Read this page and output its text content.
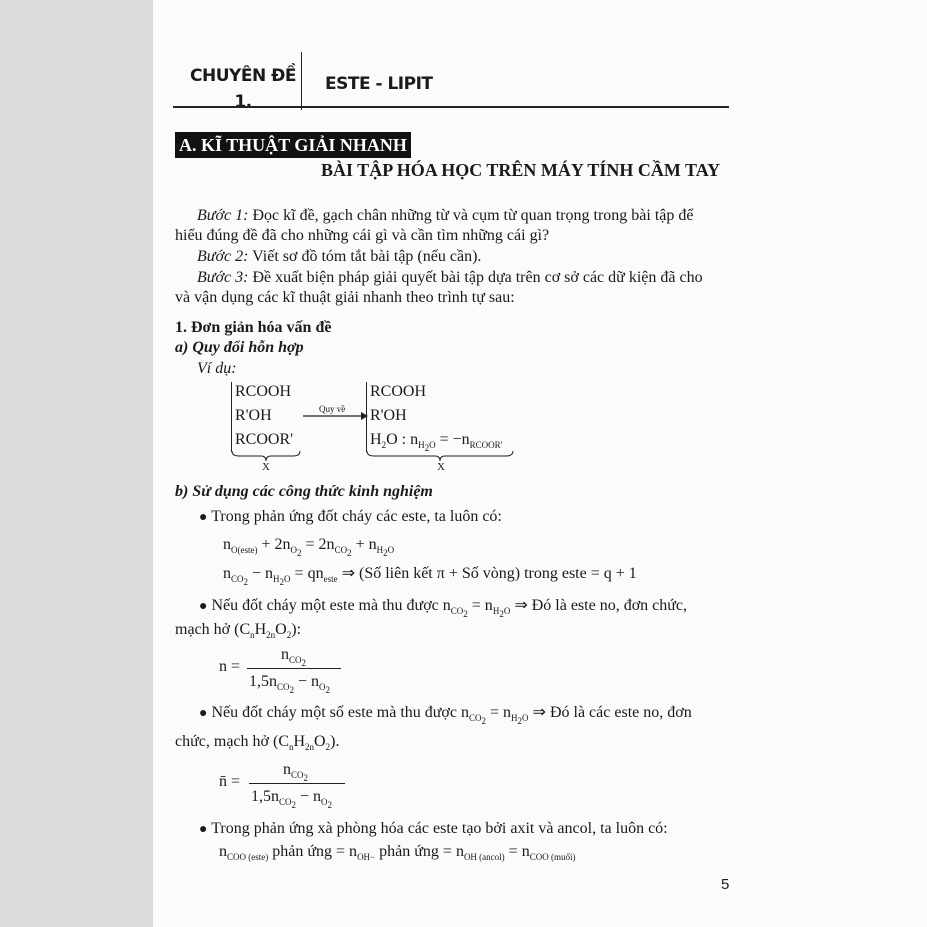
CHUYÊN ĐỀ
1.
ESTE - LIPIT
A. KĨ THUẬT GIẢI NHANH
BÀI TẬP HÓA HỌC TRÊN MÁY TÍNH CẦM TAY
Bước 1: Đọc kĩ đề, gạch chân những từ và cụm từ quan trọng trong bài tập để
hiểu đúng đề đã cho những cái gì và cần tìm những cái gì?
Bước 2: Viết sơ đồ tóm tắt bài tập (nếu cần).
Bước 3: Đề xuất biện pháp giải quyết bài tập dựa trên cơ sở các dữ kiện đã cho
và vận dụng các kĩ thuật giải nhanh theo trình tự sau:
1. Đơn giản hóa vấn đề
a) Quy đổi hỗn hợp
Ví dụ:
RCOOH
R'OH
RCOOR'
X
Quy về
RCOOH
R'OH
$H_2O$ : $n_{H_2O} = -n_{RCOOR'}$
X
b) Sử dụng các công thức kinh nghiệm
● Trong phản ứng đốt cháy các este, ta luôn có:
$n_{O(este)} + 2n_{O_2} = 2n_{CO_2} + n_{H_2O}$
$n_{CO_2} - n_{H_2O} = qn_{este}$ ⇒ (Số liên kết π + Số vòng) trong este = q + 1
● Nếu đốt cháy một este mà thu được $n_{CO_2} = n_{H_2O}$ ⇒ Đó là este no, đơn chức,
mạch hở $(C_nH_{2n}O_2)$:
n =
$n_{CO_2}$
$1,5n_{CO_2} - n_{O_2}$
● Nếu đốt cháy một số este mà thu được $n_{CO_2} = n_{H_2O}$ ⇒ Đó là các este no, đơn
chức, mạch hở $(C_nH_{2n}O_2)$.
n̄ =
$n_{CO_2}$
$1,5n_{CO_2} - n_{O_2}$
● Trong phản ứng xà phòng hóa các este tạo bởi axit và ancol, ta luôn có:
$n_{COO (este)}$ phản ứng = $n_{OH-}$ phản ứng = $n_{OH (ancol)} = n_{COO (muối)}$
5
